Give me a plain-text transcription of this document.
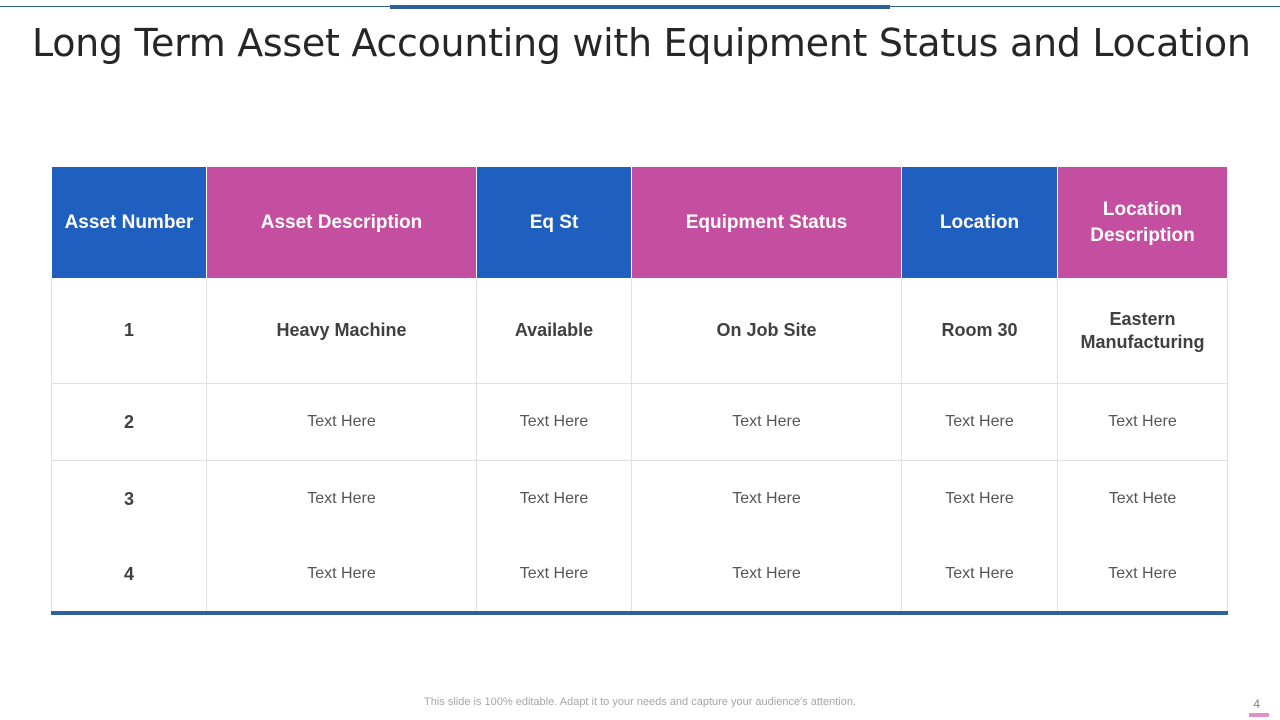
Long Term Asset Accounting with Equipment Status and Location
Asset Number	Asset Description	Eq St	Equipment Status	Location	Location Description
1	Heavy Machine	Available	On Job Site	Room 30	Eastern Manufacturing
2	Text Here	Text Here	Text Here	Text Here	Text Here
3	Text Here	Text Here	Text Here	Text Here	Text Hete
4	Text Here	Text Here	Text Here	Text Here	Text Here
This slide is 100% editable. Adapt it to your needs and capture your audience's attention.	4
